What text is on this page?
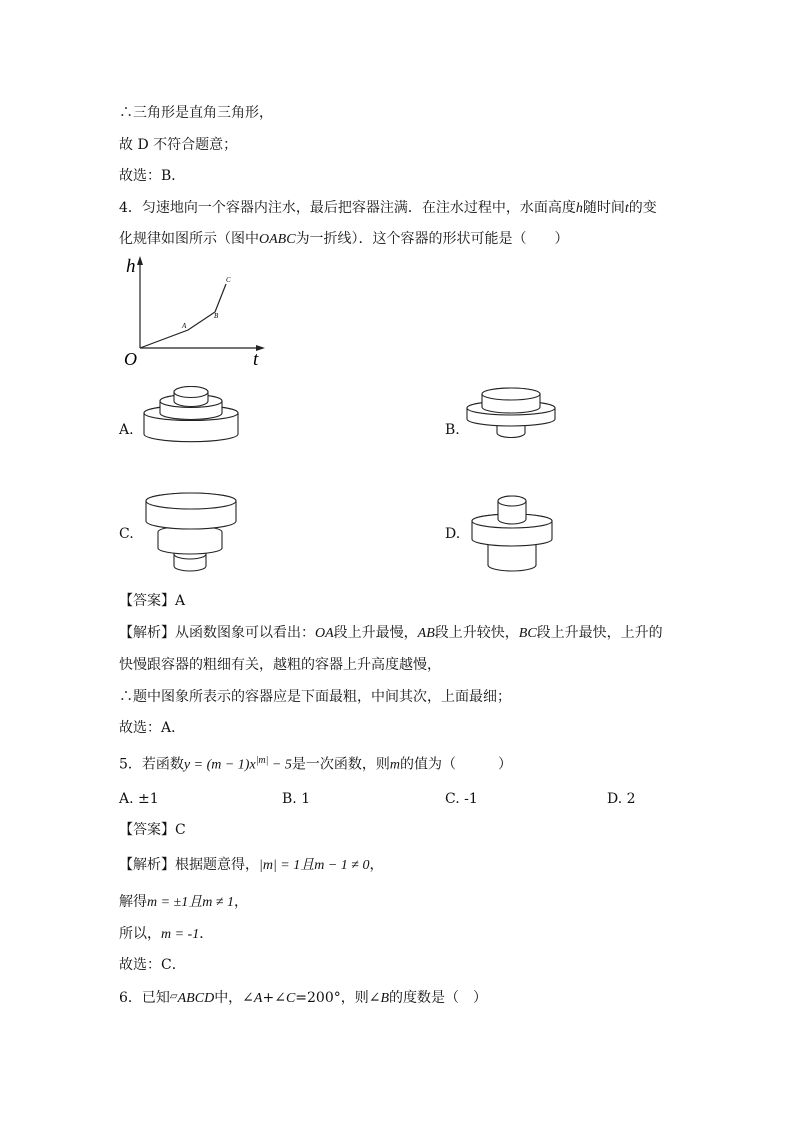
∴三角形是直角三角形，
故 D 不符合题意；
故选：B．
4．匀速地向一个容器内注水，最后把容器注满．在注水过程中，水面高度h随时间t的变
化规律如图所示（图中OABC为一折线）．这个容器的形状可能是（　　）
h
t
O
A
B
C
A.	B.
C.	D.
【答案】A
【解析】从函数图象可以看出：OA段上升最慢，AB段上升较快，BC段上升最快，上升的
快慢跟容器的粗细有关，越粗的容器上升高度越慢，
∴题中图象所表示的容器应是下面最粗，中间其次，上面最细；
故选：A．
5．若函数$y = (m - 1)x^{|m|} - 5$是一次函数，则m的值为（　　　）
A. ±1	B. 1	C. -1	D. 2
【答案】C
【解析】根据题意得，|m| = 1且m − 1 ≠ 0，
解得m = ±1且m ≠ 1，
所以，m = -1．
故选：C．
6．已知▱ABCD中，∠A+∠C=200°，则∠B的度数是（　）
